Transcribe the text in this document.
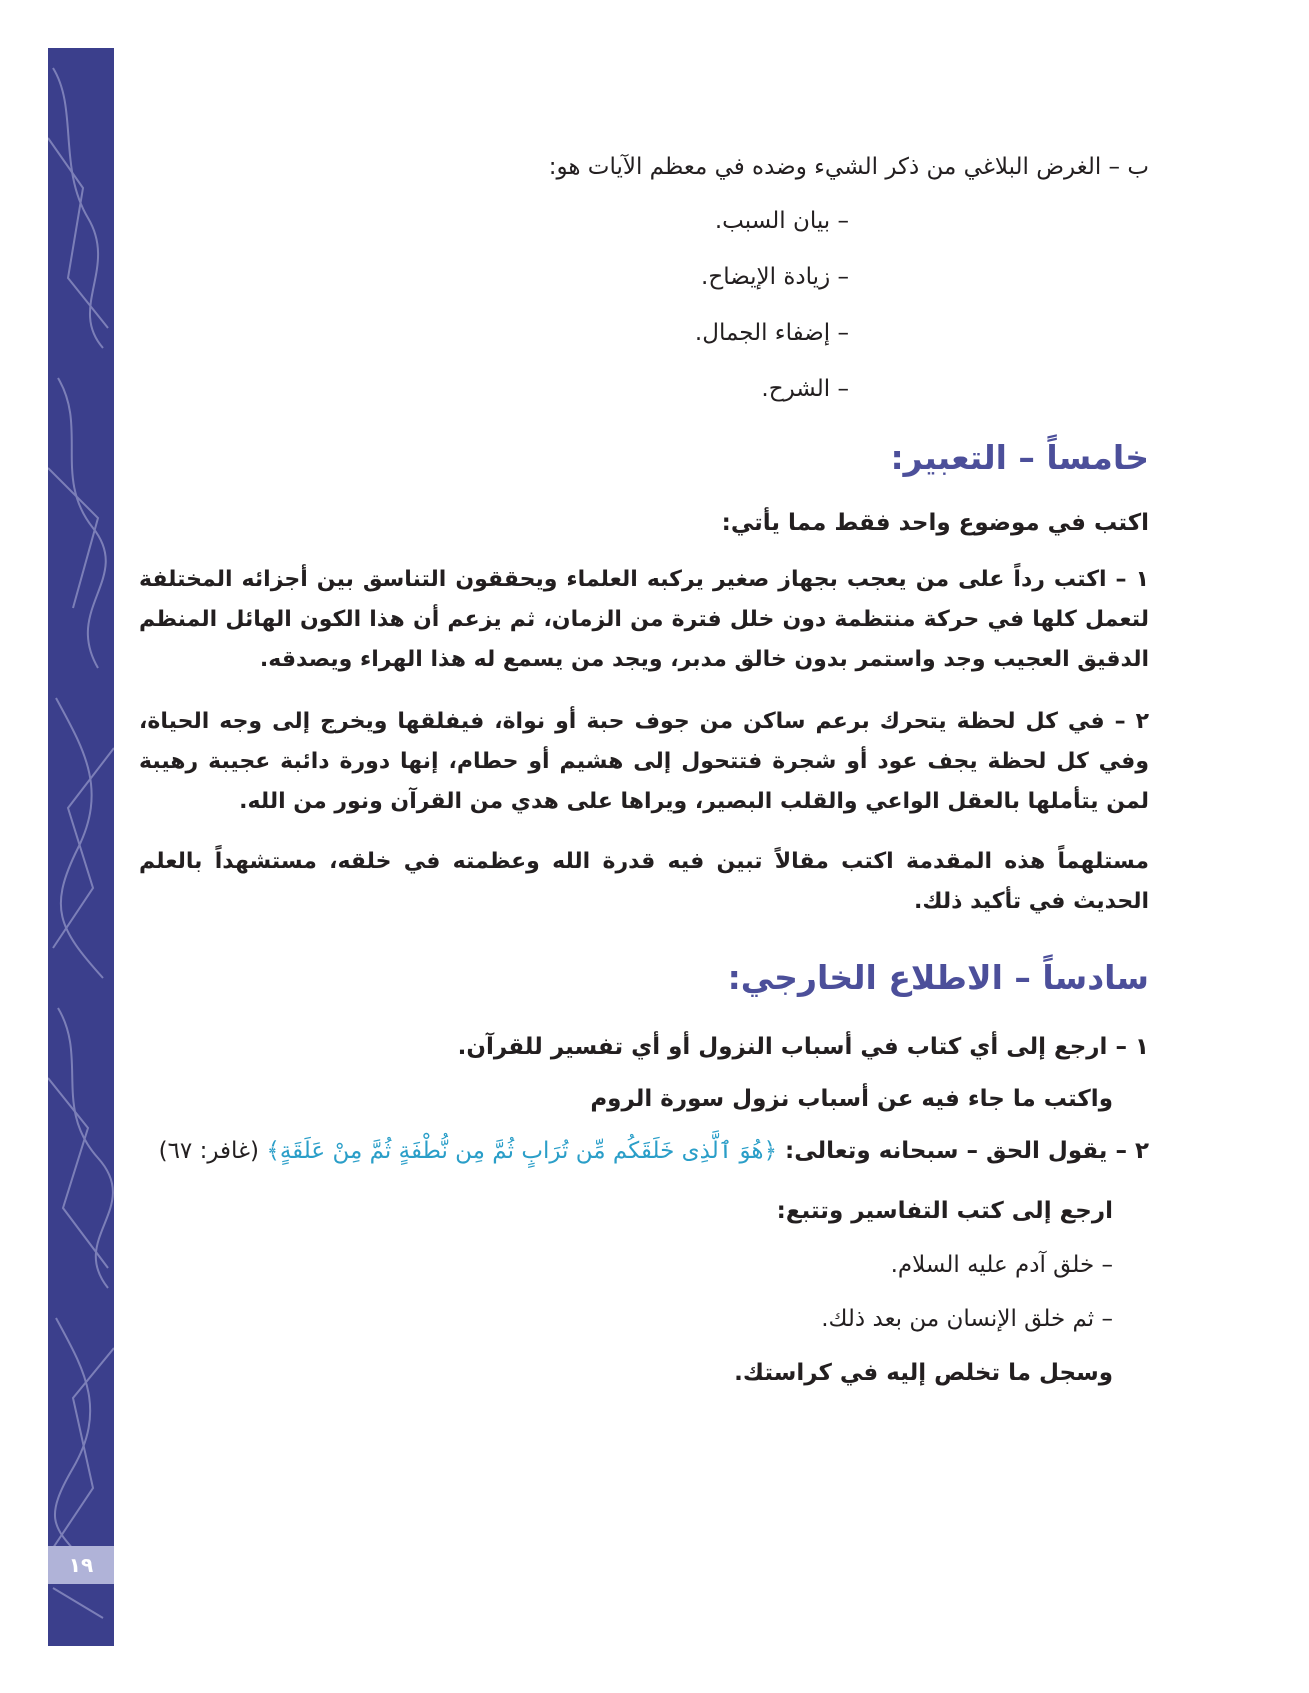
١٩
ب – الغرض البلاغي من ذكر الشيء وضده في معظم الآيات هو:
– بيان السبب.
– زيادة الإيضاح.
– إضفاء الجمال.
– الشرح.
خامساً – التعبير:
اكتب في موضوع واحد فقط مما يأتي:
١ – اكتب رداً على من يعجب بجهاز صغير يركبه العلماء ويحققون التناسق بين أجزائه المختلفة لتعمل كلها في حركة منتظمة دون خلل فترة من الزمان، ثم يزعم أن هذا الكون الهائل المنظم الدقيق العجيب وجد واستمر بدون خالق مدبر، ويجد من يسمع له هذا الهراء ويصدقه.
٢ – في كل لحظة يتحرك برعم ساكن من جوف حبة أو نواة، فيفلقها ويخرج إلى وجه الحياة، وفي كل لحظة يجف عود أو شجرة فتتحول إلى هشيم أو حطام، إنها دورة دائبة عجيبة رهيبة لمن يتأملها بالعقل الواعي والقلب البصير، ويراها على هدي من القرآن ونور من الله.
مستلهماً هذه المقدمة اكتب مقالاً تبين فيه قدرة الله وعظمته في خلقه، مستشهداً بالعلم الحديث في تأكيد ذلك.
سادساً – الاطلاع الخارجي:
١ – ارجع إلى أي كتاب في أسباب النزول أو أي تفسير للقرآن.
واكتب ما جاء فيه عن أسباب نزول سورة الروم
٢ – يقول الحق – سبحانه وتعالى: ﴿هُوَ ٱلَّذِى خَلَقَكُم مِّن تُرَابٍ ثُمَّ مِن نُّطْفَةٍ ثُمَّ مِنْ عَلَقَةٍ﴾ (غافر: ٦٧)
ارجع إلى كتب التفاسير وتتبع:
– خلق آدم عليه السلام.
– ثم خلق الإنسان من بعد ذلك.
وسجل ما تخلص إليه في كراستك.
